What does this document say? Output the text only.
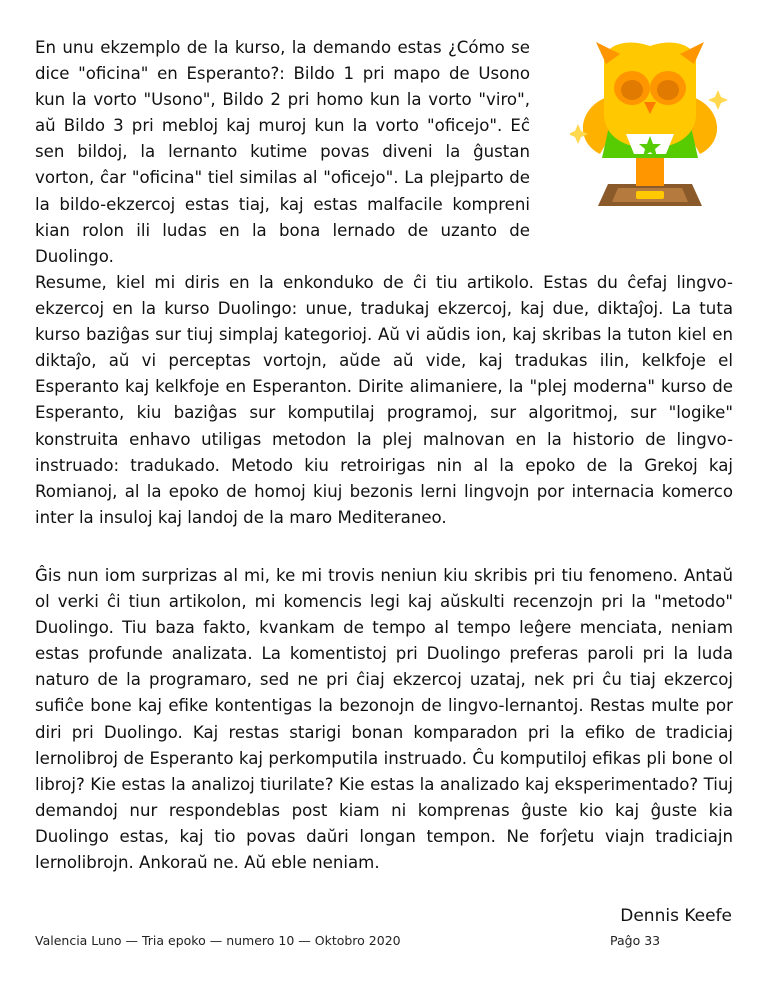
En unu ekzemplo de la kurso, la demando estas ¿Cómo se dice "oficina" en Esperanto?: Bildo 1 pri mapo de Usono kun la vorto "Usono", Bildo 2 pri homo kun la vorto "viro", aŭ Bildo 3 pri mebloj kaj muroj kun la vorto "oficejo". Eĉ sen bildoj, la lernanto kutime povas diveni la ĝustan vorton, ĉar "oficina" tiel similas al "oficejo". La plejparto de la bildo-ekzercoj estas tiaj, kaj estas malfacile kompreni kian rolon ili ludas en la bona lernado de uzanto de Duolingo.

Resume, kiel mi diris en la enkonduko de ĉi tiu artikolo. Estas du ĉefaj lingvo-ekzercoj en la kurso Duolingo: unue, tradukaj ekzercoj, kaj due, diktaĵoj. La tuta kurso baziĝas sur tiuj simplaj kategorioj. Aŭ vi aŭdis ion, kaj skribas la tuton kiel en diktaĵo, aŭ vi perceptas vortojn, aŭde aŭ vide, kaj tradukas ilin, kelkfoje el Esperanto kaj kelkfoje en Esperanton. Dirite alimaniere, la "plej moderna" kurso de Esperanto, kiu baziĝas sur komputilaj programoj, sur algoritmoj, sur "logike" konstruita enhavo utiligas metodon la plej malnovan en la historio de lingvo-instruado: tradukado. Metodo kiu retroirigas nin al la epoko de la Grekoj kaj Romianoj, al la epoko de homoj kiuj bezonis lerni lingvojn por internacia komerco inter la insuloj kaj landoj de la maro Mediteraneo.

Ĝis nun iom surprizas al mi, ke mi trovis neniun kiu skribis pri tiu fenomeno. Antaŭ ol verki ĉi tiun artikolon, mi komencis legi kaj aŭskulti recenzojn pri la "metodo" Duolingo. Tiu baza fakto, kvankam de tempo al tempo leĝere menciata, neniam estas profunde analizata. La komentistoj pri Duolingo preferas paroli pri la luda naturo de la programaro, sed ne pri ĉiaj ekzercoj uzataj, nek pri ĉu tiaj ekzercoj sufiĉe bone kaj efike kontentigas la bezonojn de lingvo-lernantoj. Restas multe por diri pri Duolingo. Kaj restas starigi bonan komparadon pri la efiko de tradiciaj lernolibroj de Esperanto kaj perkomputila instruado. Ĉu komputiloj efikas pli bone ol libroj? Kie estas la analizoj tiurilate? Kie estas la analizado kaj eksperimentado? Tiuj demandoj nur respondeblas post kiam ni komprenas ĝuste kio kaj ĝuste kia Duolingo estas, kaj tio povas daŭri longan tempon. Ne forĵetu viajn tradiciajn lernolibrojn. Ankoraŭ ne. Aŭ eble neniam.

Dennis Keefe
Valencia Luno — Tria epoko — numero 10 — Oktobro 2020	Paĝo 33
